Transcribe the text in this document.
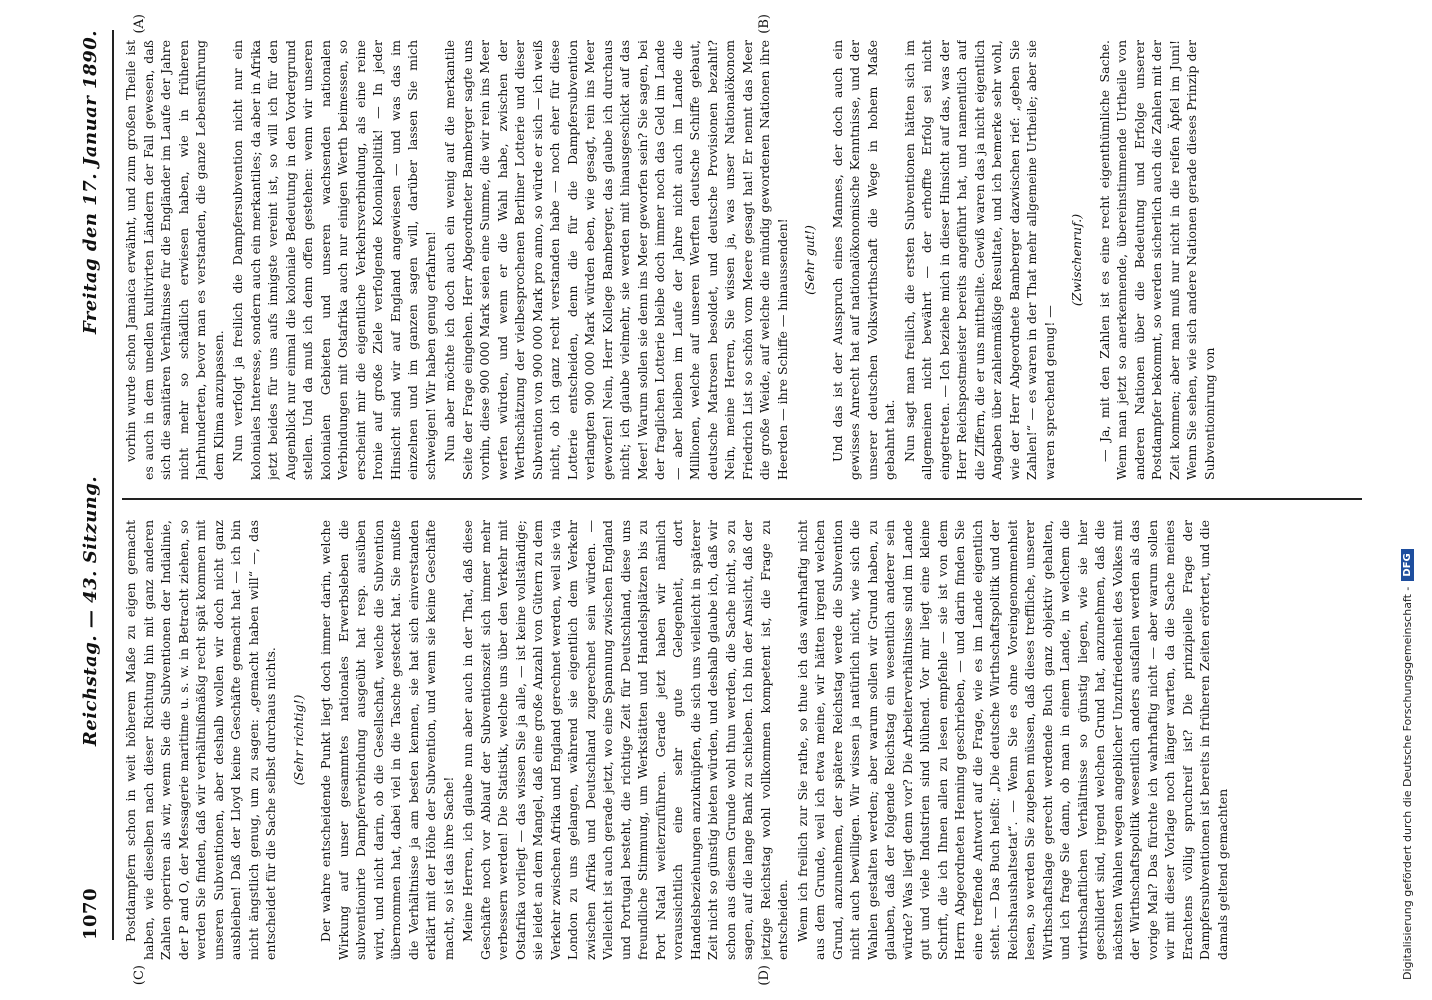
Digitalisierung gefördert durch die Deutsche Forschungsgemeinschaft -
DFG
(A)	(B)
(C)	(D)

vorhin wurde schon Jamaica erwähnt, und zum großen Theile ist es auch in dem unedlen kultivirten Ländern der Fall gewesen, daß sich die sanitären Verhältnisse für die Engländer im Laufe der Jahre nicht mehr so schädlich erwiesen haben, wie in früheren Jahrhunderten, bevor man es verstanden, die ganze Lebensführung dem Klima anzupassen. Nun verfolgt ja freilich die Dampfersubvention nicht nur ein koloniales Interesse, sondern auch ein merkantiles; da aber in Afrika jetzt beides für uns aufs innigste vereint ist, so will ich für den Augenblick nur einmal die koloniale Bedeutung in den Vordergrund stellen. Und da muß ich denn offen gestehen: wenn wir unseren kolonialen Gebieten und unseren wachsenden nationalen Verbindungen mit Ostafrika auch nur einigen Werth beimessen, so erscheint mir die eigentliche Verkehrsverbindung, als eine reine Ironie auf große Ziele verfolgende Kolonialpolitik! — In jeder Hinsicht sind wir auf England angewiesen — und was das im einzelnen und im ganzen sagen will, darüber lassen Sie mich schweigen! Wir haben genug erfahren! Nun aber möchte ich doch auch ein wenig auf die merkantile Seite der Frage eingehen. Herr Abgeordneter Bamberger sagte uns vorhin, diese 900 000 Mark seien eine Summe, die wir rein ins Meer werfen würden, und wenn er die Wahl habe, zwischen der Werthschätzung der vielbesprochenen Berliner Lotterie und dieser Subvention von 900 000 Mark pro anno, so würde er sich — ich weiß nicht, ob ich ganz recht verstanden habe — noch eher für diese Lotterie entscheiden, denn die für die Dampfersubvention verlangten 900 000 Mark würden eben, wie gesagt, rein ins Meer geworfen! Nein, Herr Kollege Bamberger, das glaube ich durchaus nicht; ich glaube vielmehr, sie werden mit hinausgeschickt auf das Meer! Warum sollen sie denn ins Meer geworfen sein? Sie sagen, bei der fraglichen Lotterie bleibe doch immer noch das Geld im Lande — aber bleiben im Laufe der Jahre nicht auch im Lande die Millionen, welche auf unseren Werften deutsche Schiffe gebaut, deutsche Matrosen besoldet, und deutsche Provisionen bezahlt? Nein, meine Herren, Sie wissen ja, was unser Nationalökonom Friedrich List so schön vom Meere gesagt hat! Er nennt das Meer die große Weide, auf welche die mündig gewordenen Nationen ihre Heerden — ihre Schiffe — hinaussenden! (Sehr gut!) Und das ist der Ausspruch eines Mannes, der doch auch ein gewisses Anrecht hat auf nationalökonomische Kenntnisse, und der unserer deutschen Volkswirthschaft die Wege in hohem Maße gebahnt hat. Nun sagt man freilich, die ersten Subventionen hätten sich im allgemeinen nicht bewährt — der erhoffte Erfolg sei nicht eingetreten. — Ich beziehe mich in dieser Hinsicht auf das, was der Herr Reichspostmeister bereits angeführt hat, und namentlich auf die Ziffern, die er uns mittheilte. Gewiß waren das ja nicht eigentlich Angaben über zahlenmäßige Resultate, und ich bemerke sehr wohl, wie der Herr Abgeordnete Bamberger dazwischen rief: „geben Sie Zahlen!“ — es waren in der That mehr allgemeine Urtheile; aber sie waren sprechend genug! —

(Zwischenruf.) — Ja, mit den Zahlen ist es eine recht eigenthümliche Sache. Wenn man jetzt so anerkennende, übereinstimmende Urtheile von anderen Nationen über die Bedeutung und Erfolge unserer Postdampfer bekommt, so werden sicherlich auch die Zahlen mit der Zeit kommen; aber man muß nur nicht in die reifen Äpfel im Juni! Wenn Sie sehen, wie sich andere Nationen gerade dieses Prinzip der Subventionirung von

Postdampfern schon in weit höherem Maße zu eigen gemacht haben, wie dieselben nach dieser Richtung hin mit ganz anderen Zahlen operiren als wir, wenn Sie die Subventionen der Indialinie, der P and O, der Messagerie maritime u. s. w. in Betracht ziehen, so werden Sie finden, daß wir verhältnißmäßig recht spät kommen mit unseren Subventionen, aber deshalb wollen wir doch nicht ganz ausbleiben! Daß der Lloyd keine Geschäfte gemacht hat — ich bin nicht ängstlich genug, um zu sagen: „gemacht haben will“ —, das entscheidet für die Sache selbst durchaus nichts. (Sehr richtig!) Der wahre entscheidende Punkt liegt doch immer darin, welche Wirkung auf unser gesammtes nationales Erwerbsleben die subventionirte Dampferverbindung ausgeübt hat resp. ausüben wird, und nicht darin, ob die Gesellschaft, welche die Subvention übernommen hat, dabei viel in die Tasche gesteckt hat. Sie mußte die Verhältnisse ja am besten kennen, sie hat sich einverstanden erklärt mit der Höhe der Subvention, und wenn sie keine Geschäfte macht, so ist das ihre Sache! Meine Herren, ich glaube nun aber auch in der That, daß diese Geschäfte noch vor Ablauf der Subventionszeit sich immer mehr verbessern werden! Die Statistik, welche uns über den Verkehr mit Ostafrika vorliegt — das wissen Sie ja alle, — ist keine vollständige; sie leidet an dem Mangel, daß eine große Anzahl von Gütern zu dem Verkehr zwischen Afrika und England gerechnet werden, weil sie via London zu uns gelangen, während sie eigentlich dem Verkehr zwischen Afrika und Deutschland zugerechnet sein würden. — Vielleicht ist auch gerade jetzt, wo eine Spannung zwischen England und Portugal besteht, die richtige Zeit für Deutschland, diese uns freundliche Stimmung, um Werkstätten und Handelsplätzen bis zu Port Natal weiterzuführen. Gerade jetzt haben wir nämlich voraussichtlich eine sehr gute Gelegenheit, dort Handelsbeziehungen anzuknüpfen, die sich uns vielleicht in späterer Zeit nicht so günstig bieten würden, und deshalb glaube ich, daß wir schon aus diesem Grunde wohl thun werden, die Sache nicht, so zu sagen, auf die lange Bank zu schieben. Ich bin der Ansicht, daß der jetzige Reichstag wohl vollkommen kompetent ist, die Frage zu entscheiden. Wenn ich freilich zur Sie rathe, so thue ich das wahrhaftig nicht aus dem Grunde, weil ich etwa meine, wir hätten irgend welchen Grund, anzunehmen, der spätere Reichstag werde die Subvention nicht auch bewilligen. Wir wissen ja natürlich nicht, wie sich die Wahlen gestalten werden; aber warum sollen wir Grund haben, zu glauben, daß der folgende Reichstag ein wesentlich anderer sein würde? Was liegt denn vor? Die Arbeiterverhältnisse sind im Lande gut und viele Industrien sind blühend. Vor mir liegt eine kleine Schrift, die ich Ihnen allen zu lesen empfehle — sie ist von dem Herrn Abgeordneten Henning geschrieben, — und darin finden Sie eine treffende Antwort auf die Frage, wie es im Lande eigentlich steht. — Das Buch heißt: „Die deutsche Wirthschaftspolitik und der Reichshaushaltsetat“. — Wenn Sie es ohne Voreingenommenheit lesen, so werden Sie zugeben müssen, daß dieses treffliche, unserer Wirthschaftslage gerecht werdende Buch ganz objektiv gehalten, und ich frage Sie dann, ob man in einem Lande, in welchem die wirthschaftlichen Verhältnisse so günstig liegen, wie sie hier geschildert sind, irgend welchen Grund hat, anzunehmen, daß die nächsten Wahlen wegen angeblicher Unzufriedenheit des Volkes mit der Wirthschaftspolitik wesentlich anders ausfallen werden als das vorige Mal? Das fürchte ich wahrhaftig nicht — aber warum sollen wir mit dieser Vorlage noch länger warten, da die Sache meines Erachtens völlig spruchreif ist? Die prinzipielle Frage der Dampfersubventionen ist bereits in früheren Zeiten erörtert, und die damals geltend gemachten

1070
Reichstag. — 43. Sitzung.
Freitag den 17. Januar 1890.
